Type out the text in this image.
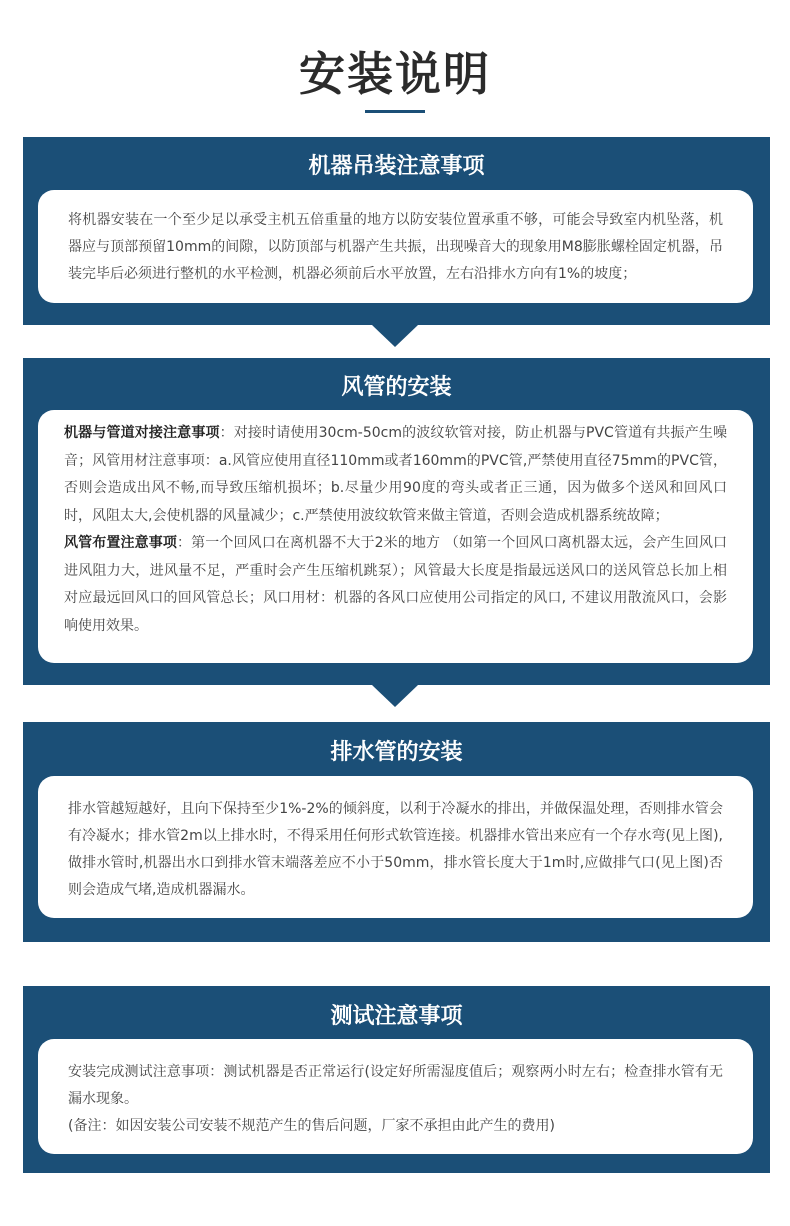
安装说明
机器吊装注意事项

将机器安装在一个至少足以承受主机五倍重量的地方以防安装位置承重不够，可能会导致室内机坠落，机器应与顶部预留10mm的间隙，以防顶部与机器产生共振，出现噪音大的现象用M8膨胀螺栓固定机器，吊装完毕后必须进行整机的水平检测，机器必须前后水平放置，左右沿排水方向有1%的坡度；

风管的安装

机器与管道对接注意事项：对接时请使用30cm-50cm的波纹软管对接，防止机器与PVC管道有共振产生噪音；风管用材注意事项：a.风管应使用直径110mm或者160mm的PVC管,严禁使用直径75mm的PVC管，否则会造成出风不畅,而导致压缩机损坏；b.尽量少用90度的弯头或者正三通，因为做多个送风和回风口时，风阻太大,会使机器的风量减少；c.严禁使用波纹软管来做主管道，否则会造成机器系统故障；

风管布置注意事项：第一个回风口在离机器不大于2米的地方 （如第一个回风口离机器太远，会产生回风口进风阻力大，进风量不足，严重时会产生压缩机跳泵）；风管最大长度是指最远送风口的送风管总长加上相对应最远回风口的回风管总长；风口用材：机器的各风口应使用公司指定的风口, 不建议用散流风口，会影响使用效果。

排水管的安装

排水管越短越好，且向下保持至少1%-2%的倾斜度，以利于冷凝水的排出，并做保温处理，否则排水管会有冷凝水；排水管2m以上排水时，不得采用任何形式软管连接。机器排水管出来应有一个存水弯(见上图),做排水管时,机器出水口到排水管末端落差应不小于50mm，排水管长度大于1m时,应做排气口(见上图)否则会造成气堵,造成机器漏水。

测试注意事项

安装完成测试注意事项：测试机器是否正常运行(设定好所需湿度值后；观察两小时左右；检查排水管有无漏水现象。

(备注：如因安装公司安装不规范产生的售后问题，厂家不承担由此产生的费用)
